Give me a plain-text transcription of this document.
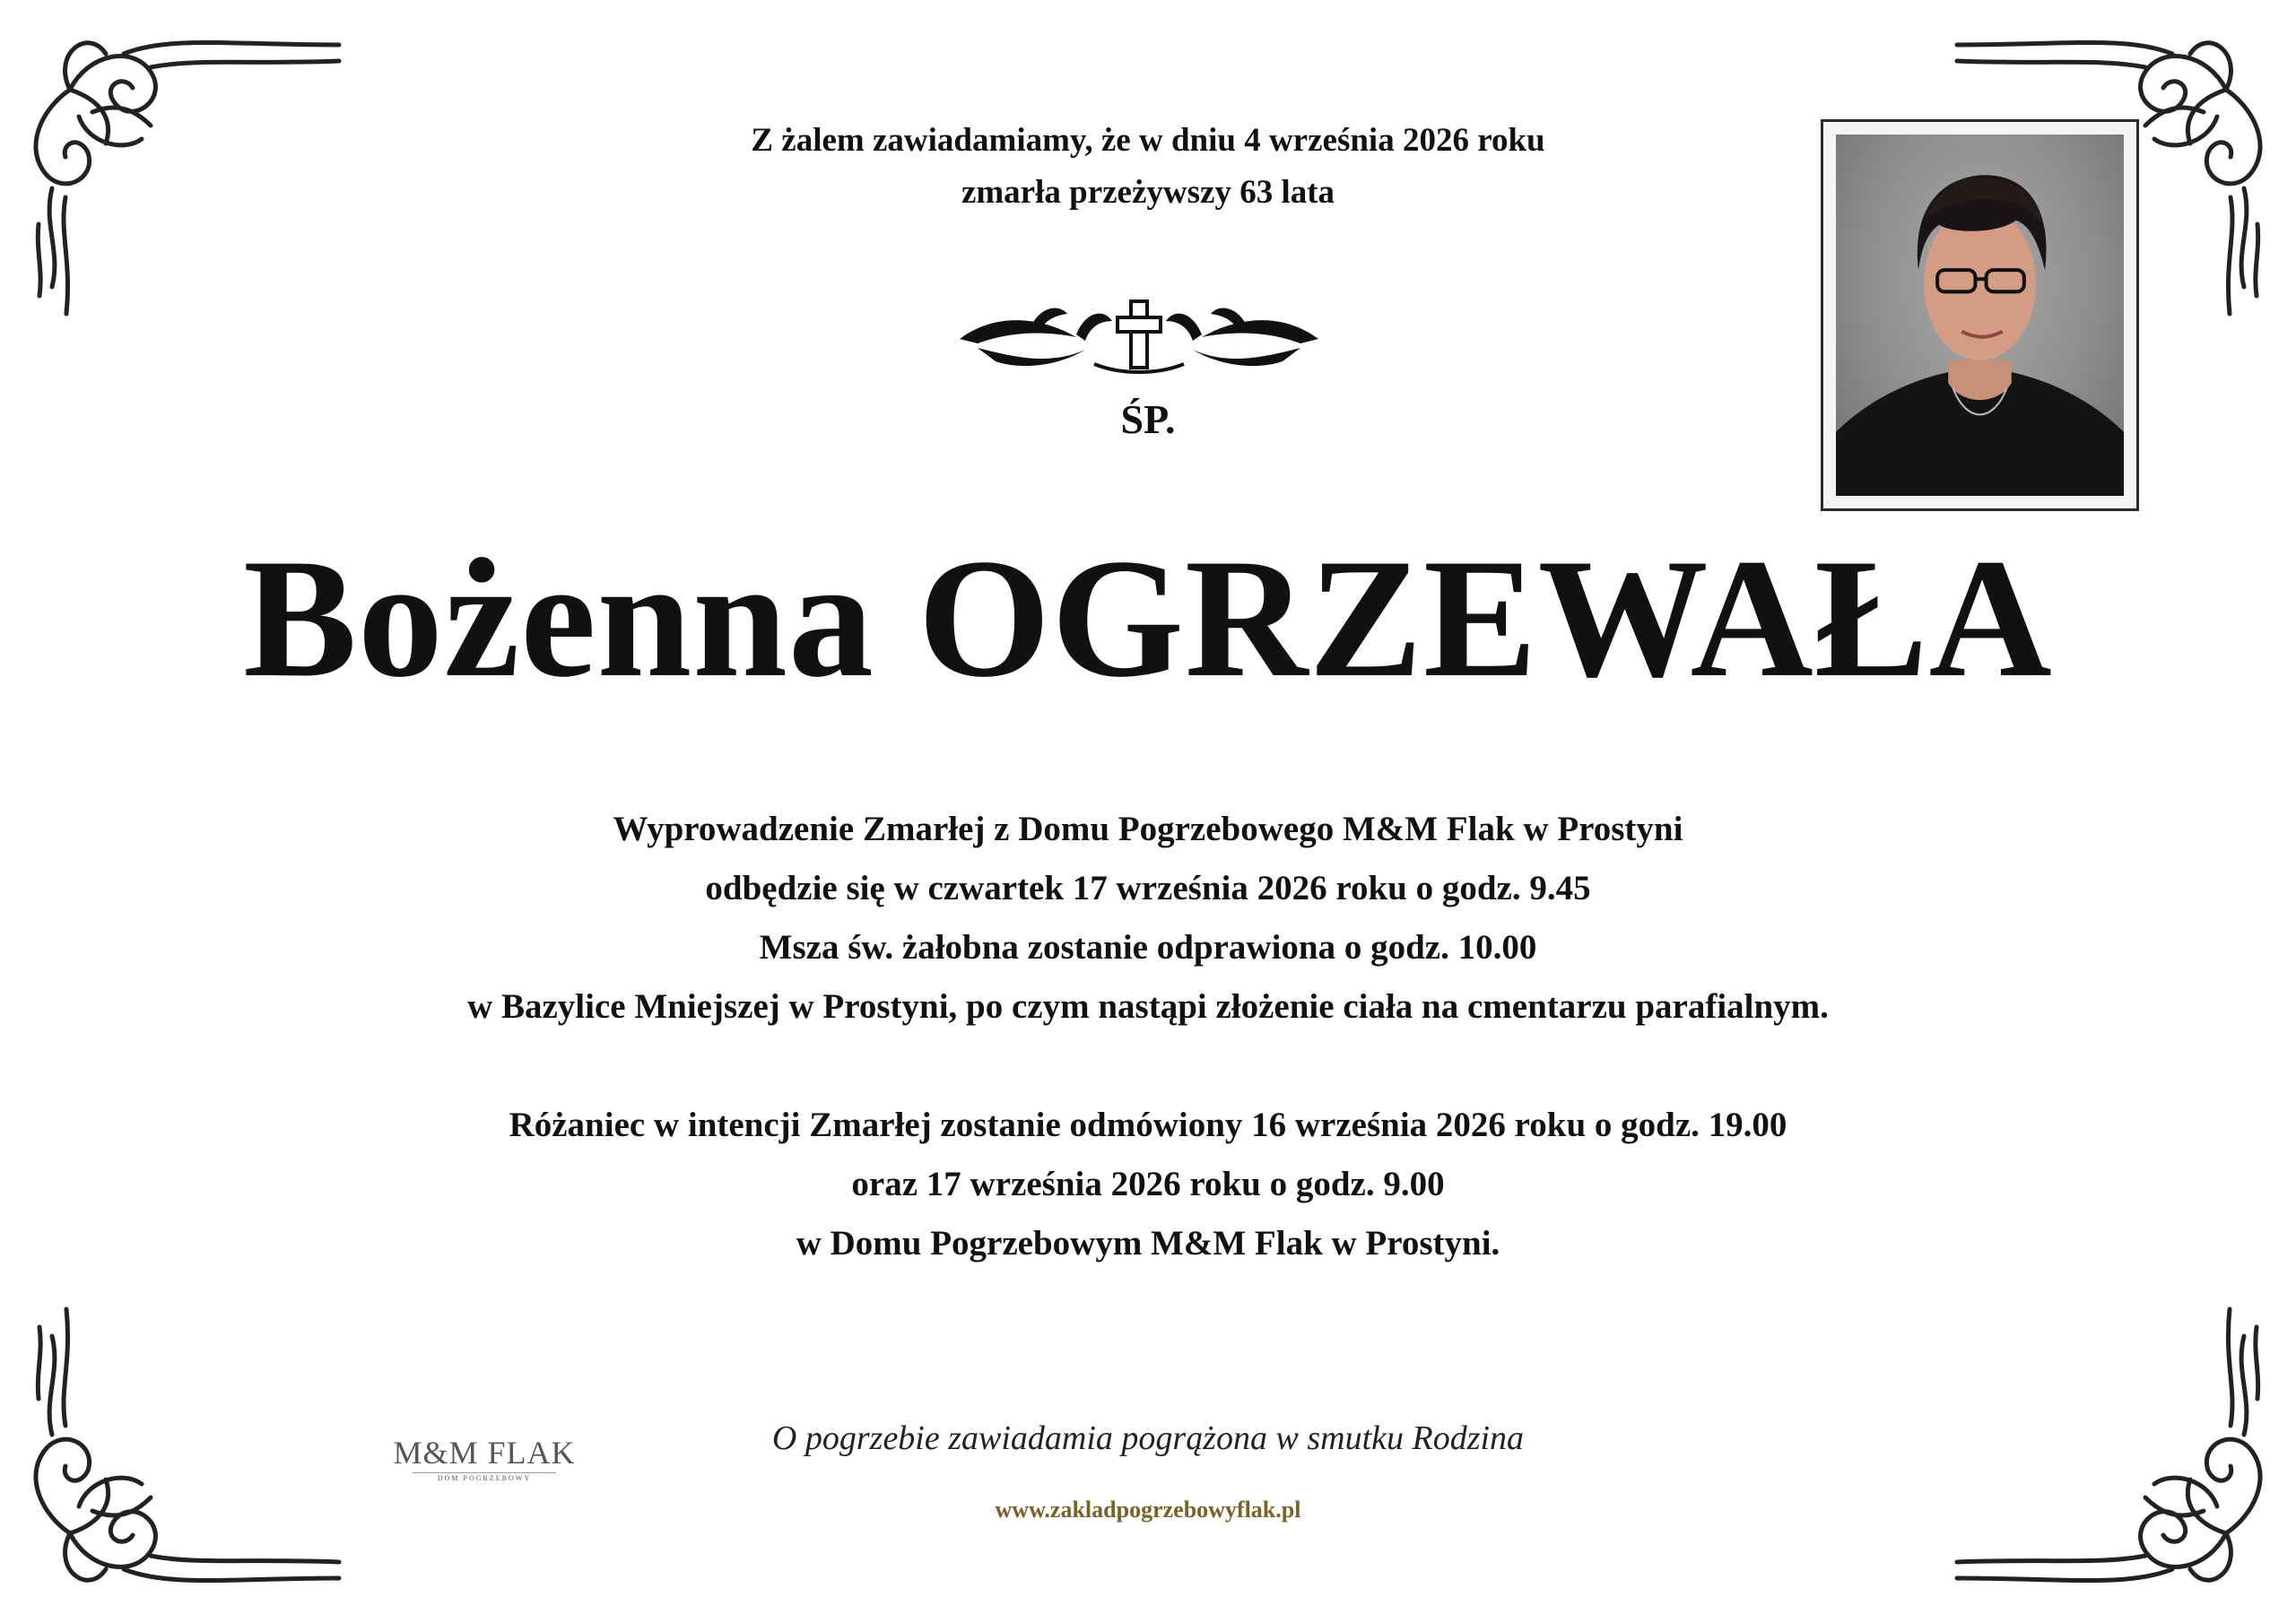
Z żalem zawiadamiamy, że w dniu 4 września 2026 roku
zmarła przeżywszy 63 lata
ŚP.
Bożenna OGRZEWAŁA
Wyprowadzenie Zmarłej z Domu Pogrzebowego M&M Flak w Prostyni
odbędzie się w czwartek 17 września 2026 roku o godz. 9.45
Msza św. żałobna zostanie odprawiona o godz. 10.00
w Bazylice Mniejszej w Prostyni, po czym nastąpi złożenie ciała na cmentarzu parafialnym.
Różaniec w intencji Zmarłej zostanie odmówiony 16 września 2026 roku o godz. 19.00
oraz 17 września 2026 roku o godz. 9.00
w Domu Pogrzebowym M&M Flak w Prostyni.
M&M FLAK
DOM POGRZEBOWY
O pogrzebie zawiadamia pogrążona w smutku Rodzina
www.zakladpogrzebowyflak.pl
